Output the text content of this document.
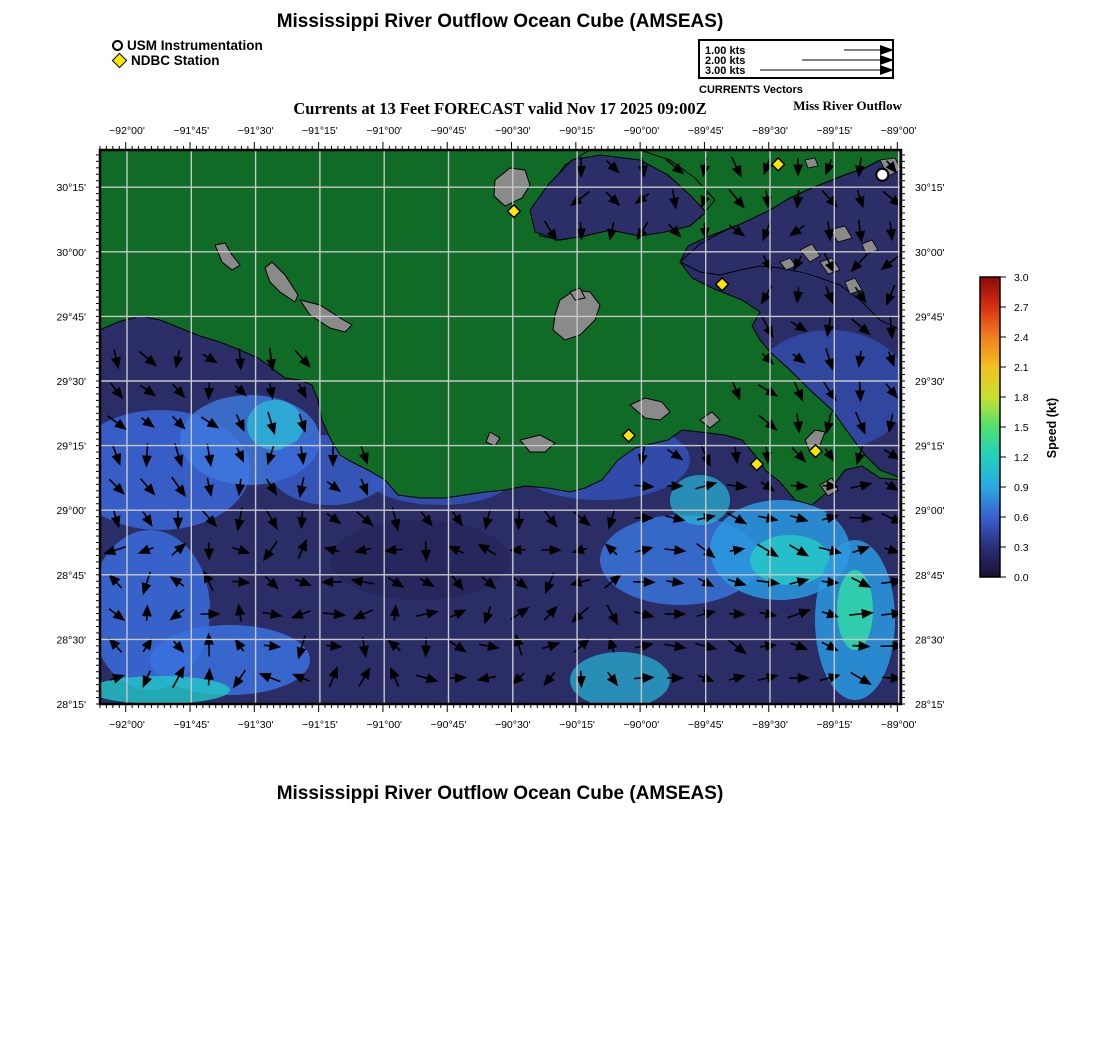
Mississippi River Outflow Ocean Cube (AMSEAS)
USM Instrumentation
NDBC Station
1.00 kts
2.00 kts
3.00 kts
CURRENTS Vectors
Currents at 13 Feet FORECAST valid Nov 17 2025 09:00Z	Miss River Outflow
−92°00'	−91°45'	−91°30'	−91°15'	−91°00'	−90°45'	−90°30'	−90°15'	−90°00'	−89°45'	−89°30'	−89°15'	−89°00'
−92°00'	−91°45'	−91°30'	−91°15'	−91°00'	−90°45'	−90°30'	−90°15'	−90°00'	−89°45'	−89°30'	−89°15'	−89°00'
28°15'
28°30'
28°45'
29°00'
29°15'
29°30'
29°45'
30°00'
30°15'
28°15'
28°30'
28°45'
29°00'
29°15'
29°30'
29°45'
30°00'
30°15'
0.0
0.3
0.6
0.9
1.2
1.5
1.8
2.1
2.4
2.7
3.0
Speed (kt)
Mississippi River Outflow Ocean Cube (AMSEAS)
